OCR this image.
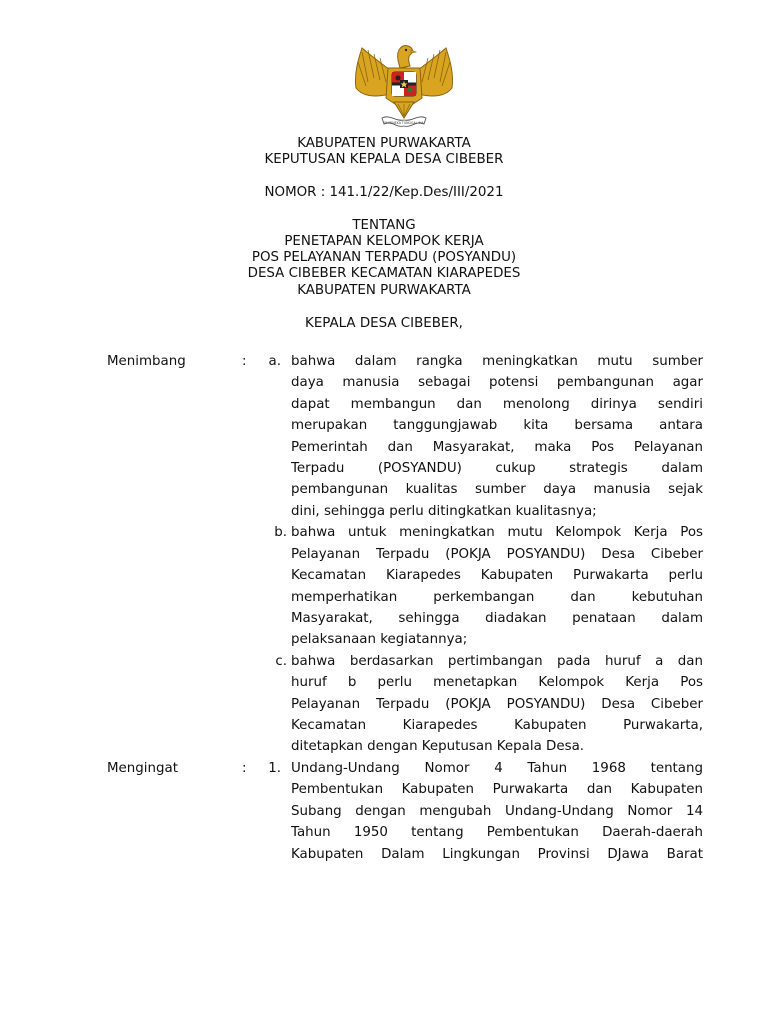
BHINNEKA TUNGGAL IKA
KABUPATEN PURWAKARTA
KEPUTUSAN KEPALA DESA CIBEBER
NOMOR : 141.1/22/Kep.Des/III/2021
TENTANG
PENETAPAN KELOMPOK KERJA
POS PELAYANAN TERPADU (POSYANDU)
DESA CIBEBER KECAMATAN KIARAPEDES
KABUPATEN PURWAKARTA
KEPALA DESA CIBEBER,
Menimbang	:	a. bahwa dalam rangka meningkatkan mutu sumber
daya manusia sebagai potensi pembangunan agar
dapat membangun dan menolong dirinya sendiri
merupakan tanggungjawab kita bersama antara
Pemerintah dan Masyarakat, maka Pos Pelayanan
Terpadu (POSYANDU) cukup strategis dalam
pembangunan kualitas sumber daya manusia sejak
dini, sehingga perlu ditingkatkan kualitasnya;
b. bahwa untuk meningkatkan mutu Kelompok Kerja Pos
Pelayanan Terpadu (POKJA POSYANDU) Desa Cibeber
Kecamatan Kiarapedes Kabupaten Purwakarta perlu
memperhatikan perkembangan dan kebutuhan
Masyarakat, sehingga diadakan penataan dalam
pelaksanaan kegiatannya;
c. bahwa berdasarkan pertimbangan pada huruf a dan
huruf b perlu menetapkan Kelompok Kerja Pos
Pelayanan Terpadu (POKJA POSYANDU) Desa Cibeber
Kecamatan Kiarapedes Kabupaten Purwakarta,
ditetapkan dengan Keputusan Kepala Desa.
Mengingat	:	1. Undang-Undang Nomor 4 Tahun 1968 tentang
Pembentukan Kabupaten Purwakarta dan Kabupaten
Subang dengan mengubah Undang-Undang Nomor 14
Tahun 1950 tentang Pembentukan Daerah-daerah
Kabupaten Dalam Lingkungan Provinsi DJawa Barat
